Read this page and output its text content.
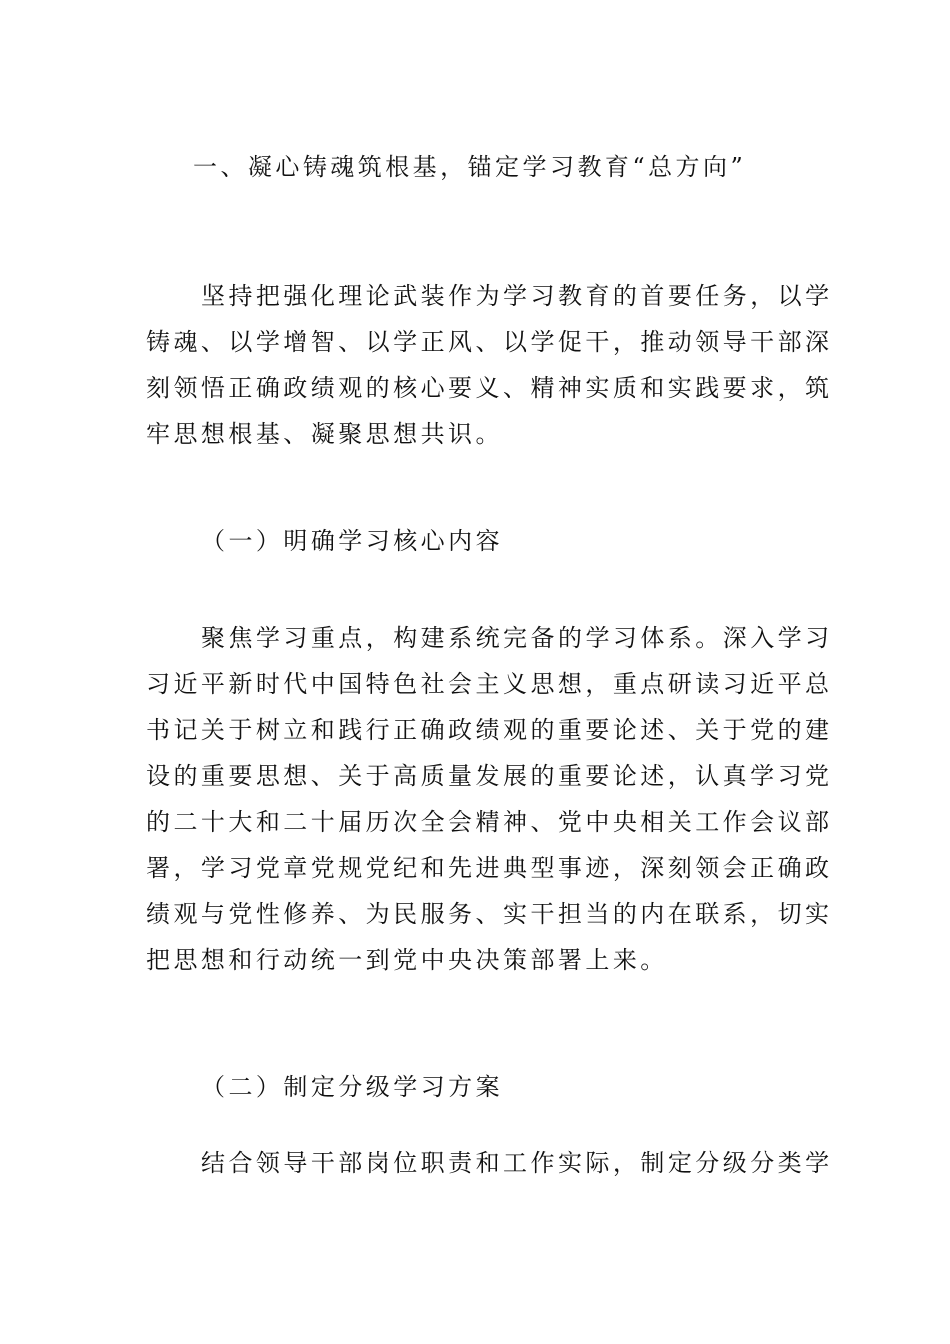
一、凝心铸魂筑根基，锚定学习教育“总方向”
坚持把强化理论武装作为学习教育的首要任务，以学
铸魂、以学增智、以学正风、以学促干，推动领导干部深
刻领悟正确政绩观的核心要义、精神实质和实践要求，筑
牢思想根基、凝聚思想共识。
（一）明确学习核心内容
聚焦学习重点，构建系统完备的学习体系。深入学习
习近平新时代中国特色社会主义思想，重点研读习近平总
书记关于树立和践行正确政绩观的重要论述、关于党的建
设的重要思想、关于高质量发展的重要论述，认真学习党
的二十大和二十届历次全会精神、党中央相关工作会议部
署，学习党章党规党纪和先进典型事迹，深刻领会正确政
绩观与党性修养、为民服务、实干担当的内在联系，切实
把思想和行动统一到党中央决策部署上来。
（二）制定分级学习方案
结合领导干部岗位职责和工作实际，制定分级分类学
